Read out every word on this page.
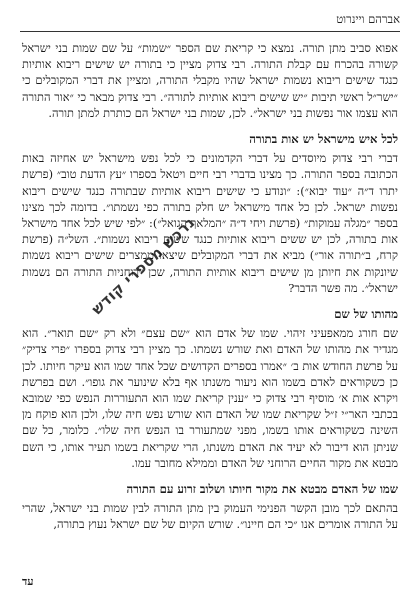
אברהם ויינרוט

אפוא סביב מתן תורה. נמצא כי קריאת שם הספר ״שמות״ על שם שמות בני ישראל קשורה בהכרח עם קבלת התורה. רבי צדוק מציין כי בתורה יש שישים ריבוא אותיות כנגד שישים ריבוא נשמות ישראל שהיו מקבלי התורה, ומציין את דברי המקובלים כי ״ישר״ל ראשי תיבות ״יש שישים ריבוא אותיות לתורה״. רבי צדוק מבאר כי ״אור התורה הוא עצמו אור נפשות בני ישראל״. לכן, שמות בני ישראל הם כותרת למתן תורה.

לכל איש מישראל יש אות בתורה

דברי רבי צדוק מיוסדים על דברי הקדמונים כי לכל נפש מישראל יש אחיזה באות הכתובה בספר התורה. כך מצינו בדברי רבי חיים ויטאל בספרו ״עץ הדעת טוב״ (פרשת יתרו ד״ה ״עוד יבוא״): ״ונודע כי שישים ריבוא אותיות שבתורה כנגד שישים ריבוא נפשות ישראל. לכן כל אחד מישראל יש חלק בתורה כפי נשמתו״. בדומה לכך מצינו בספר ״מגלה עמוקות״ (פרשת ויחי ד״ה ״המלאך הגואל״): ״לפי שיש לכל אחד מישראל אות בתורה, לכן יש ששים ריבוא אותיות כנגד ששים ריבוא נשמות״. השל״ה (פרשת קרח, ב״תורה אור״) מביא את דברי המקובלים שיצאו ממצרים שישים ריבוא נשמות שיונקות את חיותן מן שישים ריבוא אותיות התורה, שכן ״רוחניות התורה הם נשמות ישראל״. מה פשר הדבר?

מהותו של שם

שם חורג ממאפעיני זיהוי. שמו של אדם הוא ״שם עצם״ ולא רק ״שם תואר״. הוא מגדיר את מהותו של האדם ואת שורש נשמתו. כך מציין רבי צדוק בספרו ״פרי צדיק״ על פרשת החודש אות ב׳ ״אמרו בספרים הקדושים שכל אחד שמו הוא עיקר חיותו. לכן כן כשקוראים לאדם בשמו הוא ניעור משנתו אף בלא שינוער את גופו״. ושם בפרשת ויקרא אות א׳ מוסיף רבי צדוק כי ״ענין קריאת שמו הוא התעוררות הנפש כפי שמובא בכתבי האר״י ז״ל שקריאת שמו של האדם הוא שורש נפש חיה שלו, ולכן הוא פוקח מן השינה כשקוראים אותו בשמו, מפני שמתעורר בו הנפש חיה שלו״. כלומר, כל שם שניתן הוא דיבור לא יעיד את האדם משנתו, הרי שקריאת בשמו תעיר אותו, כי השם מבטא את מקור החיים הרוחני של האדם וממילא מחובר עמו.

שמו של האדם מבטא את מקור חיותו ושלוב זרוע עם התורה

בהתאם לכך מובן הקשר הפנימי העמוק בין מתן התורה לבין שמות בני ישראל, שהרי על התורה אומרים אנו ״כי הם חיינו״. שורש הקיום של שם ישראל נעוץ בתורה,

נרכש מספרי קודש
עד
